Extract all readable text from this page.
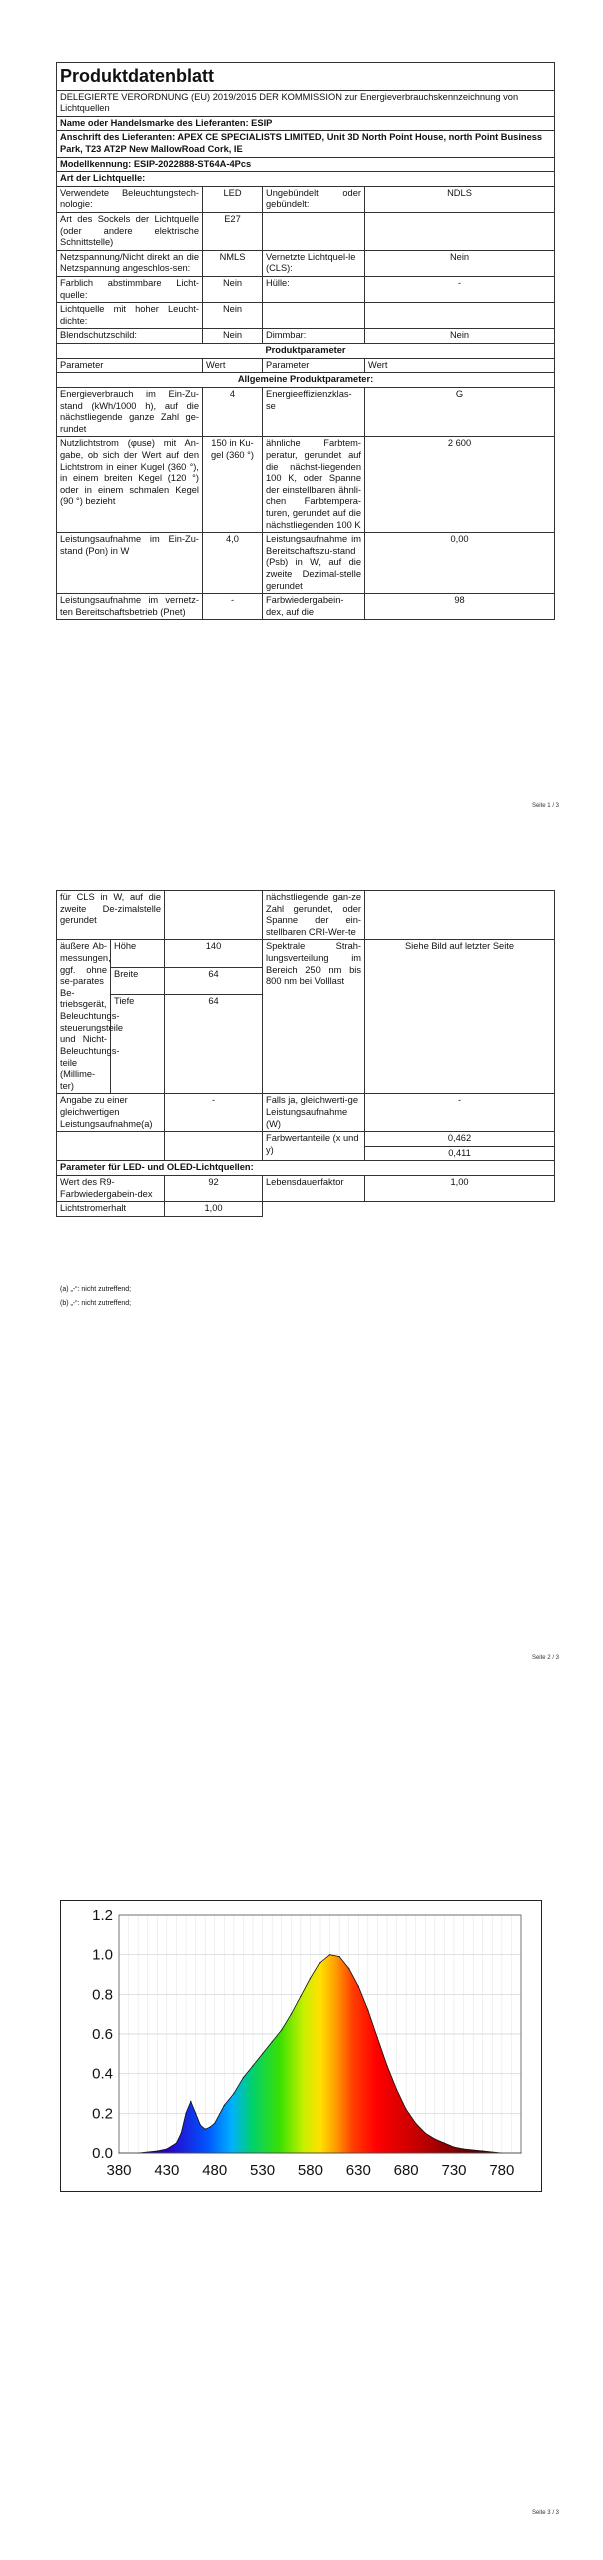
Produktdatenblatt			
DELEGIERTE VERORDNUNG (EU) 2019/2015 DER KOMMISSION zur Energieverbrauchskennzeichnung von Lichtquellen			
Name oder Handelsmarke des Lieferanten: ESIP			
Anschrift des Lieferanten: APEX CE SPECIALISTS LIMITED, Unit 3D North Point House, north Point Business Park, T23 AT2P New MallowRoad Cork, IE			
Modellkennung: ESIP-2022888-ST64A-4Pcs			
Art der Lichtquelle:			
Verwendete Beleuchtungstech-nologie:	LED	Ungebündelt oder gebündelt:	NDLS
Art des Sockels der Lichtquelle (oder andere elektrische Schnittstelle)	E27		
Netzspannung/Nicht direkt an die Netzspannung angeschlos-sen:	NMLS	Vernetzte Lichtquel-le (CLS):	Nein
Farblich abstimmbare Licht-quelle:	Nein	Hülle:	-
Lichtquelle mit hoher Leucht-dichte:	Nein		
Blendschutzschild:	Nein	Dimmbar:	Nein
Produktparameter			
Parameter	Wert	Parameter	Wert
Allgemeine Produktparameter:			
Energieverbrauch im Ein-Zu-stand (kWh/1000 h), auf die nächstliegende ganze Zahl ge-rundet	4	Energieeffizienzklas-se	G
Nutzlichtstrom (φuse) mit An-gabe, ob sich der Wert auf den Lichtstrom in einer Kugel (360 °), in einem breiten Kegel (120 °) oder in einem schmalen Kegel (90 °) bezieht	150 in Ku-gel (360 °)	ähnliche Farbtem-peratur, gerundet auf die nächst-liegenden 100 K, oder Spanne der einstellbaren ähnli-chen Farbtempera-turen, gerundet auf die nächstliegenden 100 K	2 600
Leistungsaufnahme im Ein-Zu-stand (Pon) in W	4,0	Leistungsaufnahme im Bereitschaftszu-stand (Psb) in W, auf die zweite Dezimal-stelle gerundet	0,00
Leistungsaufnahme im vernetz-ten Bereitschaftsbetrieb (Pnet)	-	Farbwiedergabein-dex, auf die	98
Seite 1 / 3
für CLS in W, auf die zweite De-zimalstelle gerundet			nächstliegende gan-ze Zahl gerundet, oder Spanne der ein-stellbaren CRI-Wer-te	
äußere Ab-messungen, ggf. ohne se-parates Be-triebsgerät, Beleuchtungs-steuerungsteile und Nicht-Beleuchtungs-teile (Millime-ter)	Höhe	140	Spektrale Strah-lungsverteilung im Bereich 250 nm bis 800 nm bei Volllast	Siehe Bild auf letzter Seite
	Breite	64		
	Tiefe	64		
Angabe zu einer gleichwertigen Leistungsaufnahme(a)		-	Falls ja, gleichwerti-ge Leistungsaufnahme (W)	-
			Farbwertanteile (x und y)	0,462
				0,411
Parameter für LED- und OLED-Lichtquellen:				
Wert des R9-Farbwiedergabein-dex		92	Lebensdauerfaktor	1,00
Lichtstromerhalt		1,00		
(a) „-“: nicht zutreffend;
(b) „-“: nicht zutreffend;
Seite 2 / 3
0.0
0.2
0.4
0.6
0.8
1.0
1.2
380 430 480 530 580 630 680 730 780
Seite 3 / 3
